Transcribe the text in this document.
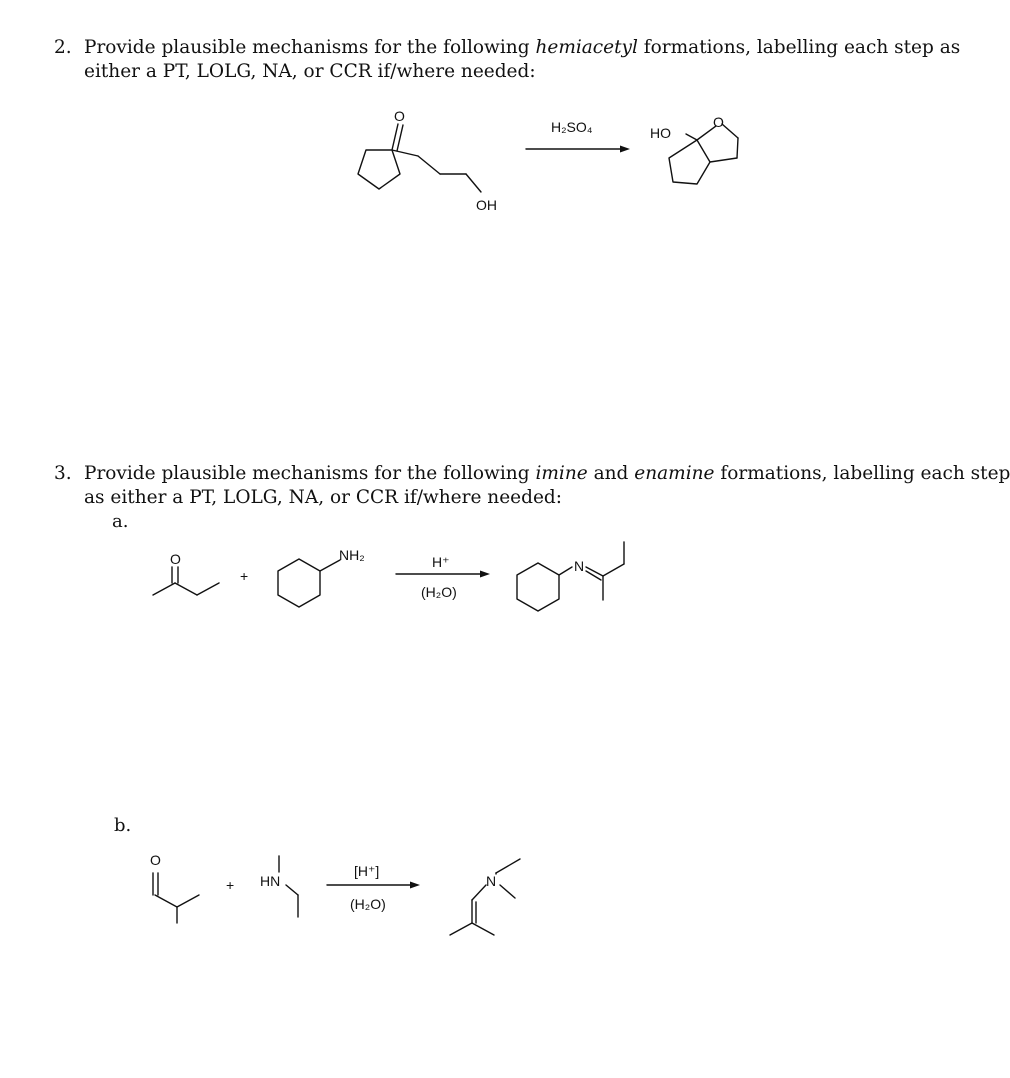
2. Provide plausible mechanisms for the following hemiacetyl formations, labelling each step as
either a PT, LOLG, NA, or CCR if/where needed:
O
OH
H₂SO₄	HO
O
3. Provide plausible mechanisms for the following imine and enamine formations, labelling each step
as either a PT, LOLG, NA, or CCR if/where needed:
a.
O
+
NH₂	H⁺
(H₂O)
N
b.
O
+ HN
[H⁺]
(H₂O)
N
